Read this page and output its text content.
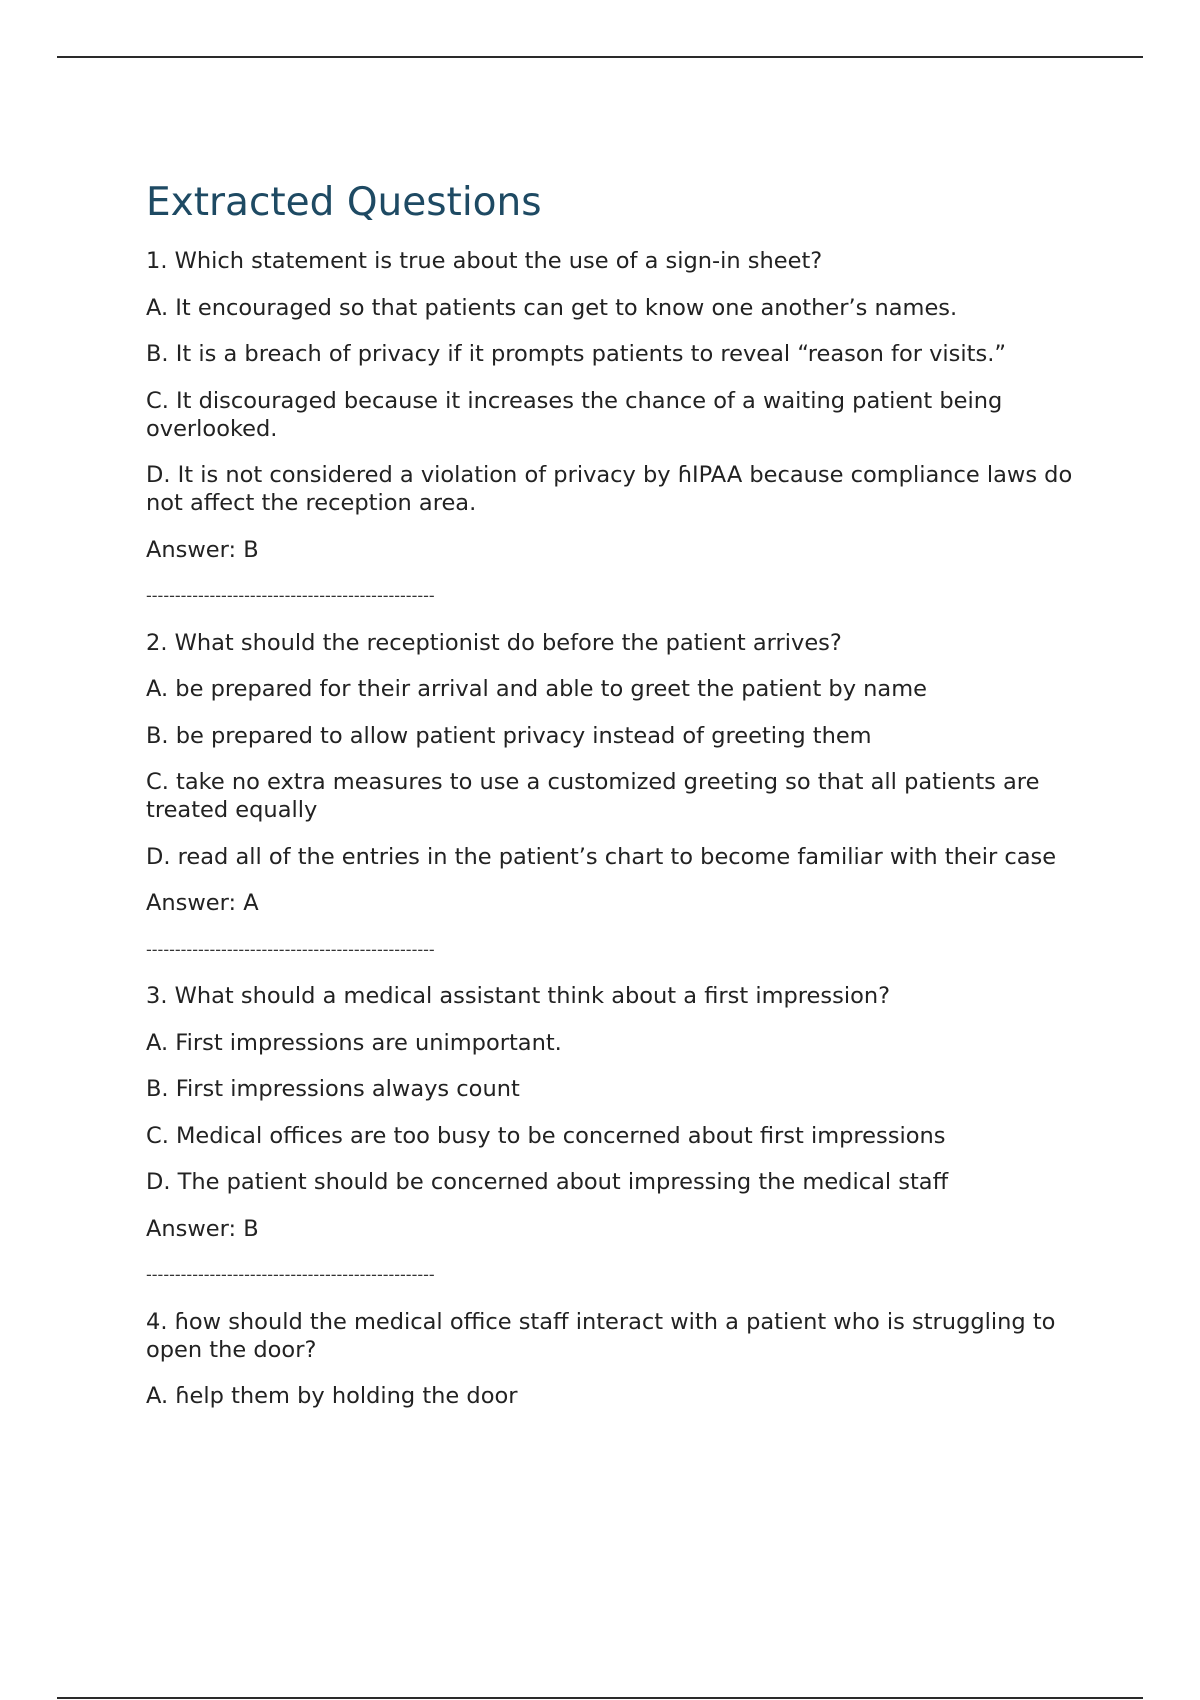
Extracted Questions

1. Which statement is true about the use of a sign-in sheet?

A. It encouraged so that patients can get to know one another’s names.

B. It is a breach of privacy if it prompts patients to reveal “reason for visits.”

C. It discouraged because it increases the chance of a waiting patient being overlooked.

D. It is not considered a violation of privacy by ɦIPAA because compliance laws do not affect the reception area.

Answer: B

--------------------------------------------------

2. What should the receptionist do before the patient arrives?

A. be prepared for their arrival and able to greet the patient by name

B. be prepared to allow patient privacy instead of greeting them

C. take no extra measures to use a customized greeting so that all patients are treated equally

D. read all of the entries in the patient’s chart to become familiar with their case

Answer: A

--------------------------------------------------

3. What should a medical assistant think about a first impression?

A. First impressions are unimportant.

B. First impressions always count

C. Medical offices are too busy to be concerned about first impressions

D. The patient should be concerned about impressing the medical staff

Answer: B

--------------------------------------------------

4. ɦow should the medical office staff interact with a patient who is struggling to open the door?

A. ɦelp them by holding the door
